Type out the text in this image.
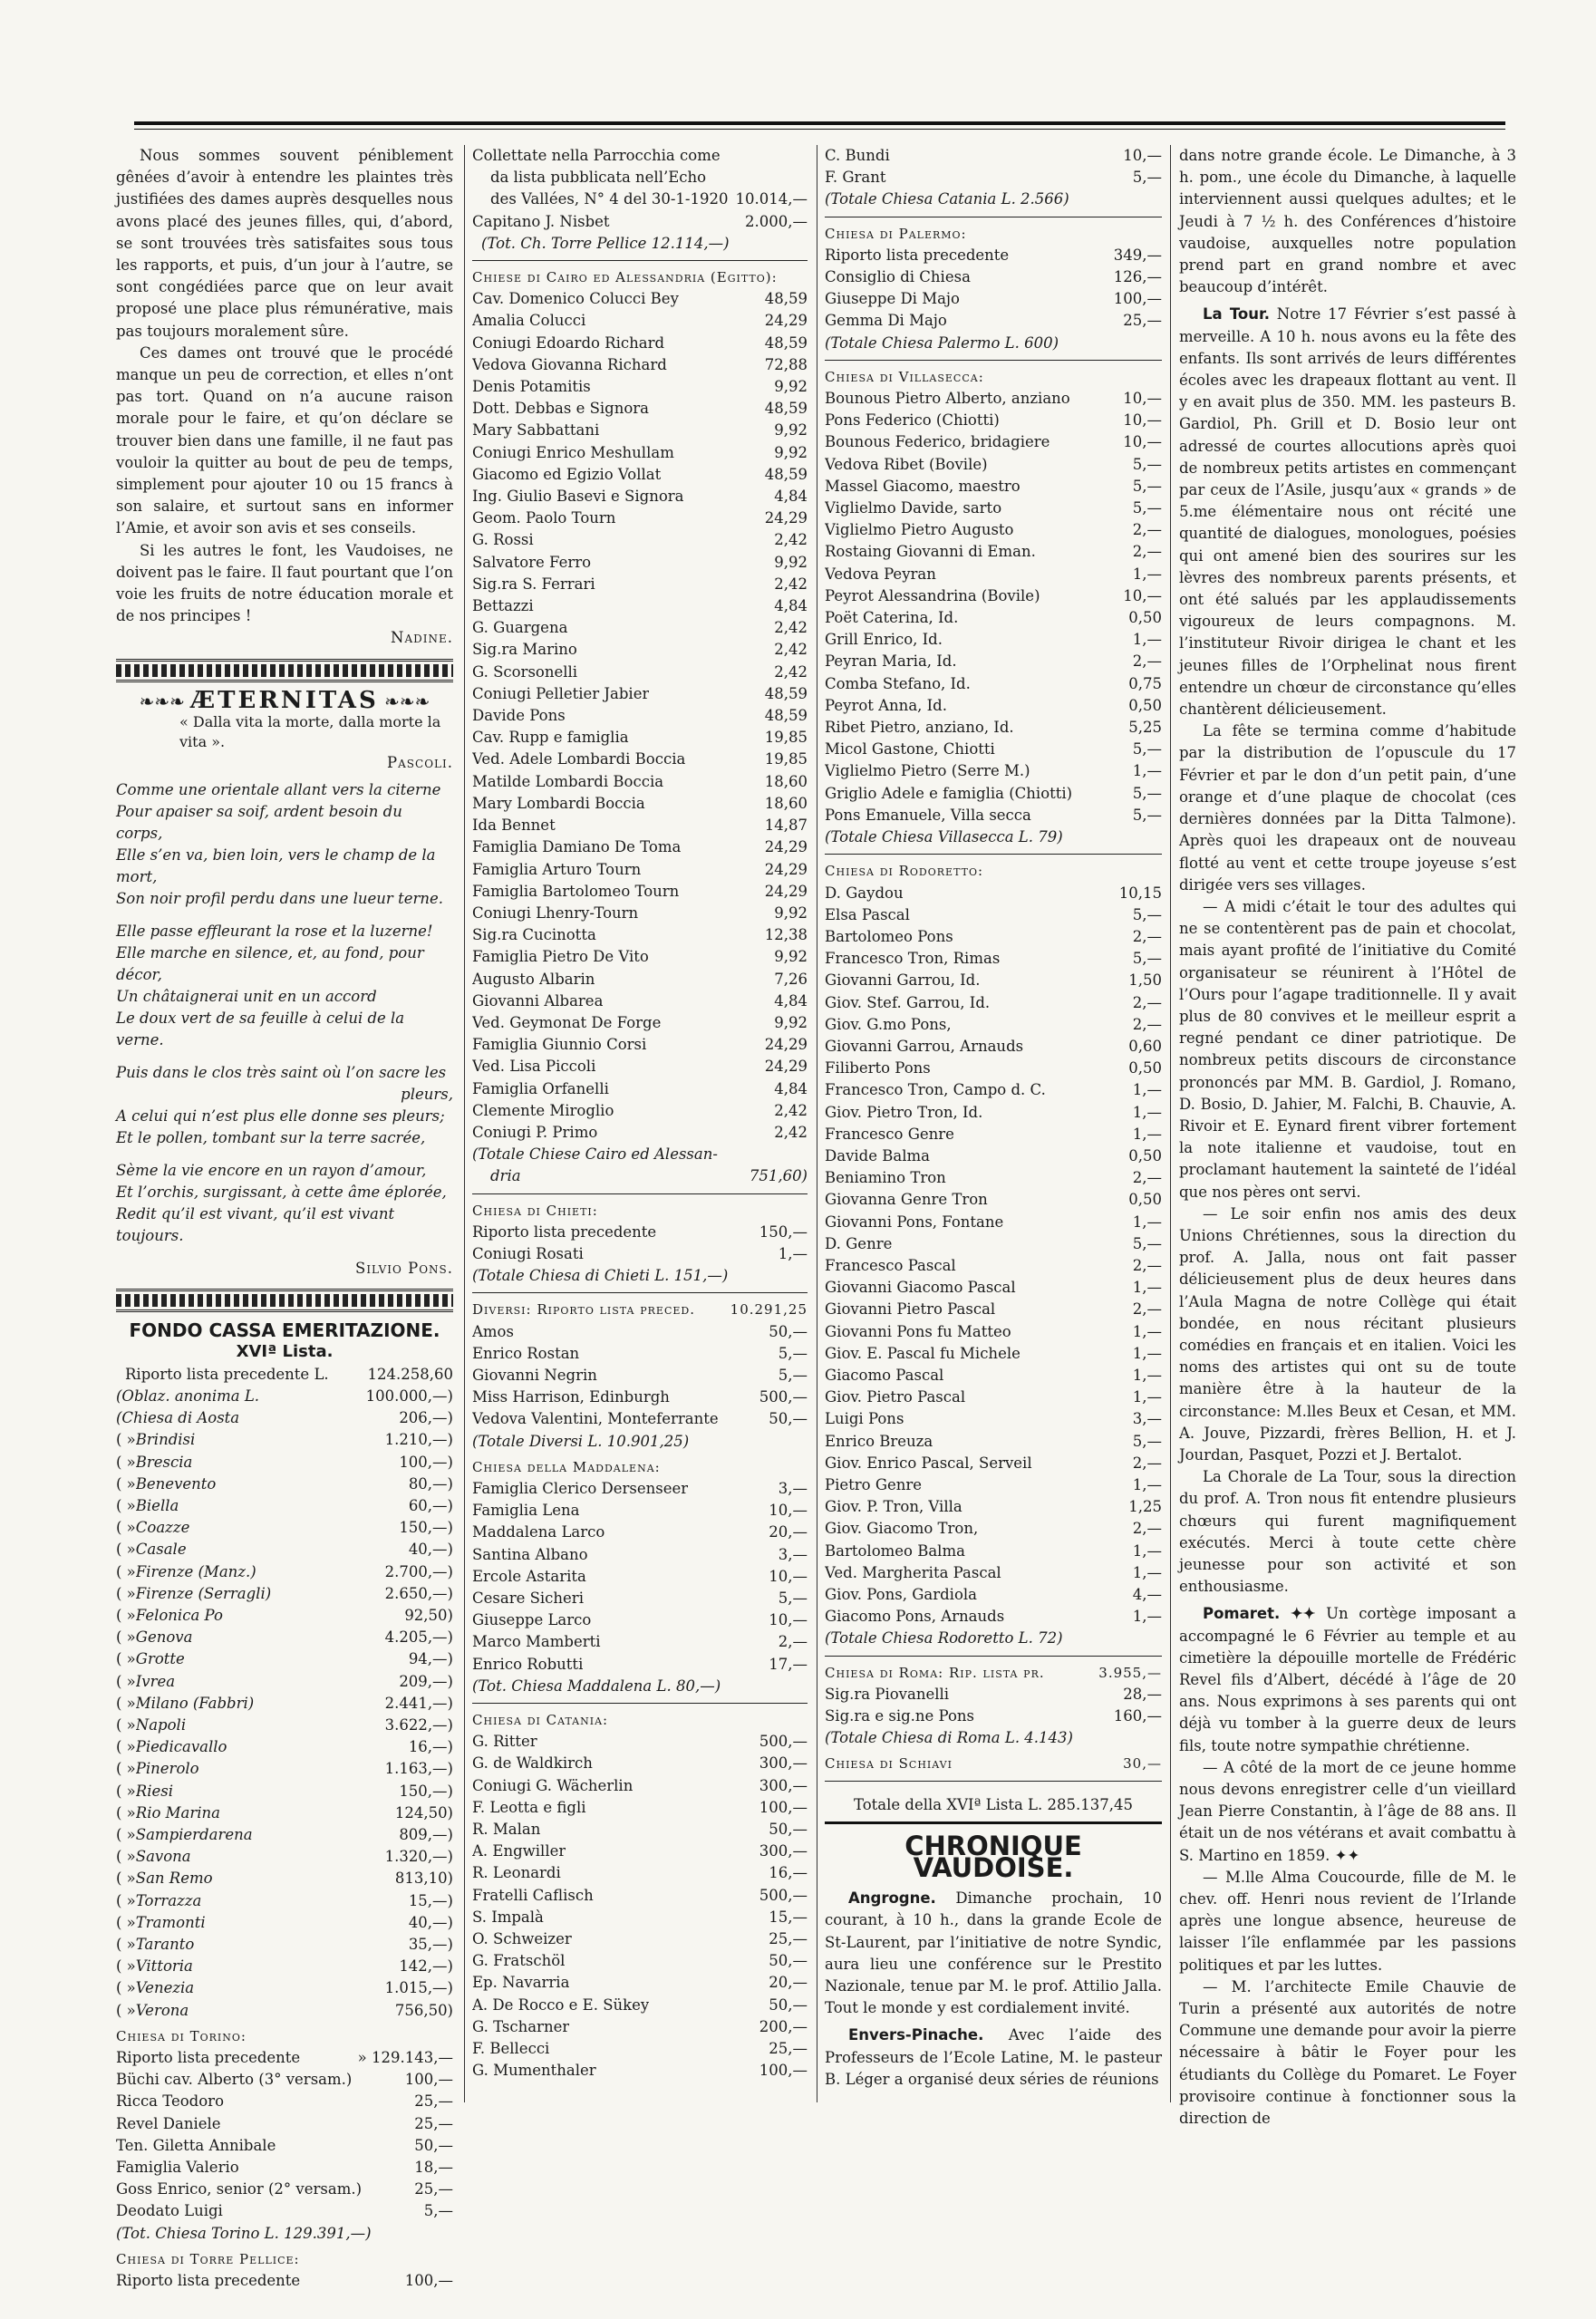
Nous sommes souvent péniblement gênées d’avoir à entendre les plaintes très justifiées des dames auprès desquelles nous avons placé des jeunes filles, qui, d’abord, se sont trouvées très satisfaites sous tous les rapports, et puis, d’un jour à l’autre, se sont congédiées parce que on leur avait proposé une place plus rémunérative, mais pas toujours moralement sûre.

Ces dames ont trouvé que le procédé manque un peu de correction, et elles n’ont pas tort. Quand on n’a aucune raison morale pour le faire, et qu’on déclare se trouver bien dans une famille, il ne faut pas vouloir la quitter au bout de peu de temps, simplement pour ajouter 10 ou 15 francs à son salaire, et surtout sans en informer l’Amie, et avoir son avis et ses conseils.

Si les autres le font, les Vaudoises, ne doivent pas le faire. Il faut pourtant que l’on voie les fruits de notre éducation morale et de nos principes !

Nadine.
❧❧❧ ÆTERNITAS ❧❧❧
« Dalla vita la morte, dalla morte la vita ».
Pascoli.
Comme une orientale allant vers la citerne
Pour apaiser sa soif, ardent besoin du corps,
Elle s’en va, bien loin, vers le champ de la mort,
Son noir profil perdu dans une lueur terne.
Elle passe effleurant la rose et la luzerne!
Elle marche en silence, et, au fond, pour décor,
Un châtaignerai unit en un accord
Le doux vert de sa feuille à celui de la verne.
Puis dans le clos très saint où l’on sacre les
pleurs,
A celui qui n’est plus elle donne ses pleurs;
Et le pollen, tombant sur la terre sacrée,
Sème la vie encore en un rayon d’amour,
Et l’orchis, surgissant, à cette âme éplorée,
Redit qu’il est vivant, qu’il est vivant toujours.
Silvio Pons.
FONDO CASSA EMERITAZIONE.
XVIª Lista.
Riporto lista precedente L.	124.258,60
(Oblaz. anonima L.	100.000,—)
(Chiesa di Aosta	206,—)
( » Brindisi	1.210,—)
( » Brescia	100,—)
( » Benevento	80,—)
( » Biella	60,—)
( » Coazze	150,—)
( » Casale	40,—)
( » Firenze (Manz.)	2.700,—)
( » Firenze (Serragli)	2.650,—)
( » Felonica Po	92,50)
( » Genova	4.205,—)
( » Grotte	94,—)
( » Ivrea	209,—)
( » Milano (Fabbri)	2.441,—)
( » Napoli	3.622,—)
( » Piedicavallo	16,—)
( » Pinerolo	1.163,—)
( » Riesi	150,—)
( » Rio Marina	124,50)
( » Sampierdarena	809,—)
( » Savona	1.320,—)
( » San Remo	813,10)
( » Torrazza	15,—)
( » Tramonti	40,—)
( » Taranto	35,—)
( » Vittoria	142,—)
( » Venezia	1.015,—)
( » Verona	756,50)
Chiesa di Torino:
Riporto lista precedente	» 129.143,—
Büchi cav. Alberto (3° versam.)	100,—
Ricca Teodoro	25,—
Revel Daniele	25,—
Ten. Giletta Annibale	50,—
Famiglia Valerio	18,—
Goss Enrico, senior (2° versam.)	25,—
Deodato Luigi	5,—
(Tot. Chiesa Torino L. 129.391,—)
Chiesa di Torre Pellice:
Riporto lista precedente	100,—
Collettate nella Parrocchia come
da lista pubblicata nell’Echo
des Vallées, N° 4 del 30-1-1920 10.014,—
Capitano J. Nisbet	2.000,—
(Tot. Ch. Torre Pellice 12.114,—)
Chiese di Cairo ed Alessandria (Egitto):
Cav. Domenico Colucci Bey	48,59
Amalia Colucci	24,29
Coniugi Edoardo Richard	48,59
Vedova Giovanna Richard	72,88
Denis Potamitis	9,92
Dott. Debbas e Signora	48,59
Mary Sabbattani	9,92
Coniugi Enrico Meshullam	9,92
Giacomo ed Egizio Vollat	48,59
Ing. Giulio Basevi e Signora	4,84
Geom. Paolo Tourn	24,29
G. Rossi	2,42
Salvatore Ferro	9,92
Sig.ra S. Ferrari	2,42
Bettazzi	4,84
G. Guargena	2,42
Sig.ra Marino	2,42
G. Scorsonelli	2,42
Coniugi Pelletier Jabier	48,59
Davide Pons	48,59
Cav. Rupp e famiglia	19,85
Ved. Adele Lombardi Boccia	19,85
Matilde Lombardi Boccia	18,60
Mary Lombardi Boccia	18,60
Ida Bennet	14,87
Famiglia Damiano De Toma	24,29
Famiglia Arturo Tourn	24,29
Famiglia Bartolomeo Tourn	24,29
Coniugi Lhenry-Tourn	9,92
Sig.ra Cucinotta	12,38
Famiglia Pietro De Vito	9,92
Augusto Albarin	7,26
Giovanni Albarea	4,84
Ved. Geymonat De Forge	9,92
Famiglia Giunnio Corsi	24,29
Ved. Lisa Piccoli	24,29
Famiglia Orfanelli	4,84
Clemente Miroglio	2,42
Coniugi P. Primo	2,42
(Totale Chiese Cairo ed Alessan-
dria	751,60)
Chiesa di Chieti:
Riporto lista precedente	150,—
Coniugi Rosati	1,—
(Totale Chiesa di Chieti L. 151,—)
Diversi: Riporto lista preced.	10.291,25
Amos	50,—
Enrico Rostan	5,—
Giovanni Negrin	5,—
Miss Harrison, Edinburgh	500,—
Vedova Valentini, Monteferrante	50,—
(Totale Diversi L. 10.901,25)
Chiesa della Maddalena:
Famiglia Clerico Dersenseer	3,—
Famiglia Lena	10,—
Maddalena Larco	20,—
Santina Albano	3,—
Ercole Astarita	10,—
Cesare Sicheri	5,—
Giuseppe Larco	10,—
Marco Mamberti	2,—
Enrico Robutti	17,—
(Tot. Chiesa Maddalena L. 80,—)
Chiesa di Catania:
G. Ritter	500,—
G. de Waldkirch	300,—
Coniugi G. Wächerlin	300,—
F. Leotta e figli	100,—
R. Malan	50,—
A. Engwiller	300,—
R. Leonardi	16,—
Fratelli Caflisch	500,—
S. Impalà	15,—
O. Schweizer	25,—
G. Fratschöl	50,—
Ep. Navarria	20,—
A. De Rocco e E. Sükey	50,—
G. Tscharner	200,—
F. Bellecci	25,—
G. Mumenthaler	100,—
C. Bundi	10,—
F. Grant	5,—
(Totale Chiesa Catania L. 2.566)
Chiesa di Palermo:
Riporto lista precedente	349,—
Consiglio di Chiesa	126,—
Giuseppe Di Majo	100,—
Gemma Di Majo	25,—
(Totale Chiesa Palermo L. 600)
Chiesa di Villasecca:
Bounous Pietro Alberto, anziano	10,—
Pons Federico (Chiotti)	10,—
Bounous Federico, bridagiere	10,—
Vedova Ribet (Bovile)	5,—
Massel Giacomo, maestro	5,—
Viglielmo Davide, sarto	5,—
Viglielmo Pietro Augusto	2,—
Rostaing Giovanni di Eman.	2,—
Vedova Peyran	1,—
Peyrot Alessandrina (Bovile)	10,—
Poët Caterina, Id.	0,50
Grill Enrico, Id.	1,—
Peyran Maria, Id.	2,—
Comba Stefano, Id.	0,75
Peyrot Anna, Id.	0,50
Ribet Pietro, anziano, Id.	5,25
Micol Gastone, Chiotti	5,—
Viglielmo Pietro (Serre M.)	1,—
Griglio Adele e famiglia (Chiotti)	5,—
Pons Emanuele, Villa secca	5,—
(Totale Chiesa Villasecca L. 79)
Chiesa di Rodoretto:
D. Gaydou	10,15
Elsa Pascal	5,—
Bartolomeo Pons	2,—
Francesco Tron, Rimas	5,—
Giovanni Garrou, Id.	1,50
Giov. Stef. Garrou, Id.	2,—
Giov. G.mo Pons,	2,—
Giovanni Garrou, Arnauds	0,60
Filiberto Pons	0,50
Francesco Tron, Campo d. C.	1,—
Giov. Pietro Tron, Id.	1,—
Francesco Genre	1,—
Davide Balma	0,50
Beniamino Tron	2,—
Giovanna Genre Tron	0,50
Giovanni Pons, Fontane	1,—
D. Genre	5,—
Francesco Pascal	2,—
Giovanni Giacomo Pascal	1,—
Giovanni Pietro Pascal	2,—
Giovanni Pons fu Matteo	1,—
Giov. E. Pascal fu Michele	1,—
Giacomo Pascal	1,—
Giov. Pietro Pascal	1,—
Luigi Pons	3,—
Enrico Breuza	5,—
Giov. Enrico Pascal, Serveil	2,—
Pietro Genre	1,—
Giov. P. Tron, Villa	1,25
Giov. Giacomo Tron,	2,—
Bartolomeo Balma	1,—
Ved. Margherita Pascal	1,—
Giov. Pons, Gardiola	4,—
Giacomo Pons, Arnauds	1,—
(Totale Chiesa Rodoretto L. 72)
Chiesa di Roma: Rip. lista pr.	3.955,—
Sig.ra Piovanelli	28,—
Sig.ra e sig.ne Pons	160,—
(Totale Chiesa di Roma L. 4.143)
Chiesa di Schiavi	30,—
Totale della XVIª Lista L. 285.137,45
CHRONIQUE VAUDOISE.

Angrogne. Dimanche prochain, 10 courant, à 10 h., dans la grande Ecole de St-Laurent, par l’initiative de notre Syndic, aura lieu une conférence sur le Prestito Nazionale, tenue par M. le prof. Attilio Jalla. Tout le monde y est cordialement invité.

Envers-Pinache. Avec l’aide des Professeurs de l’Ecole Latine, M. le pasteur B. Léger a organisé deux séries de réunions

dans notre grande école. Le Dimanche, à 3 h. pom., une école du Dimanche, à laquelle interviennent aussi quelques adultes; et le Jeudi à 7 ½ h. des Conférences d’histoire vaudoise, auxquelles notre population prend part en grand nombre et avec beaucoup d’intérêt.

La Tour. Notre 17 Février s’est passé à merveille. A 10 h. nous avons eu la fête des enfants. Ils sont arrivés de leurs différentes écoles avec les drapeaux flottant au vent. Il y en avait plus de 350. MM. les pasteurs B. Gardiol, Ph. Grill et D. Bosio leur ont adressé de courtes allocutions après quoi de nombreux petits artistes en commençant par ceux de l’Asile, jusqu’aux « grands » de 5.me élémentaire nous ont récité une quantité de dialogues, monologues, poésies qui ont amené bien des sourires sur les lèvres des nombreux parents présents, et ont été salués par les applaudissements vigoureux de leurs compagnons. M. l’instituteur Rivoir dirigea le chant et les jeunes filles de l’Orphelinat nous firent entendre un chœur de circonstance qu’elles chantèrent délicieusement.

La fête se termina comme d’habitude par la distribution de l’opuscule du 17 Février et par le don d’un petit pain, d’une orange et d’une plaque de chocolat (ces dernières données par la Ditta Talmone). Après quoi les drapeaux ont de nouveau flotté au vent et cette troupe joyeuse s’est dirigée vers ses villages.

— A midi c’était le tour des adultes qui ne se contentèrent pas de pain et chocolat, mais ayant profité de l’initiative du Comité organisateur se réunirent à l’Hôtel de l’Ours pour l’agape traditionnelle. Il y avait plus de 80 convives et le meilleur esprit a regné pendant ce diner patriotique. De nombreux petits discours de circonstance prononcés par MM. B. Gardiol, J. Romano, D. Bosio, D. Jahier, M. Falchi, B. Chauvie, A. Rivoir et E. Eynard firent vibrer fortement la note italienne et vaudoise, tout en proclamant hautement la sainteté de l’idéal que nos pères ont servi.

— Le soir enfin nos amis des deux Unions Chrétiennes, sous la direction du prof. A. Jalla, nous ont fait passer délicieusement plus de deux heures dans l’Aula Magna de notre Collège qui était bondée, en nous récitant plusieurs comédies en français et en italien. Voici les noms des artistes qui ont su de toute manière être à la hauteur de la circonstance: M.lles Beux et Cesan, et MM. A. Jouve, Pizzardi, frères Bellion, H. et J. Jourdan, Pasquet, Pozzi et J. Bertalot.

La Chorale de La Tour, sous la direction du prof. A. Tron nous fit entendre plusieurs chœurs qui furent magnifiquement exécutés. Merci à toute cette chère jeunesse pour son activité et son enthousiasme.

Pomaret. ✦✦ Un cortège imposant a accompagné le 6 Février au temple et au cimetière la dépouille mortelle de Frédéric Revel fils d’Albert, décédé à l’âge de 20 ans. Nous exprimons à ses parents qui ont déjà vu tomber à la guerre deux de leurs fils, toute notre sympathie chrétienne.

— A côté de la mort de ce jeune homme nous devons enregistrer celle d’un vieillard Jean Pierre Constantin, à l’âge de 88 ans. Il était un de nos vétérans et avait combattu à S. Martino en 1859. ✦✦

— M.lle Alma Coucourde, fille de M. le chev. off. Henri nous revient de l’Irlande après une longue absence, heureuse de laisser l’île enflammée par les passions politiques et par les luttes.

— M. l’architecte Emile Chauvie de Turin a présenté aux autorités de notre Commune une demande pour avoir la pierre nécessaire à bâtir le Foyer pour les étudiants du Collège du Pomaret. Le Foyer provisoire continue à fonctionner sous la direction de
